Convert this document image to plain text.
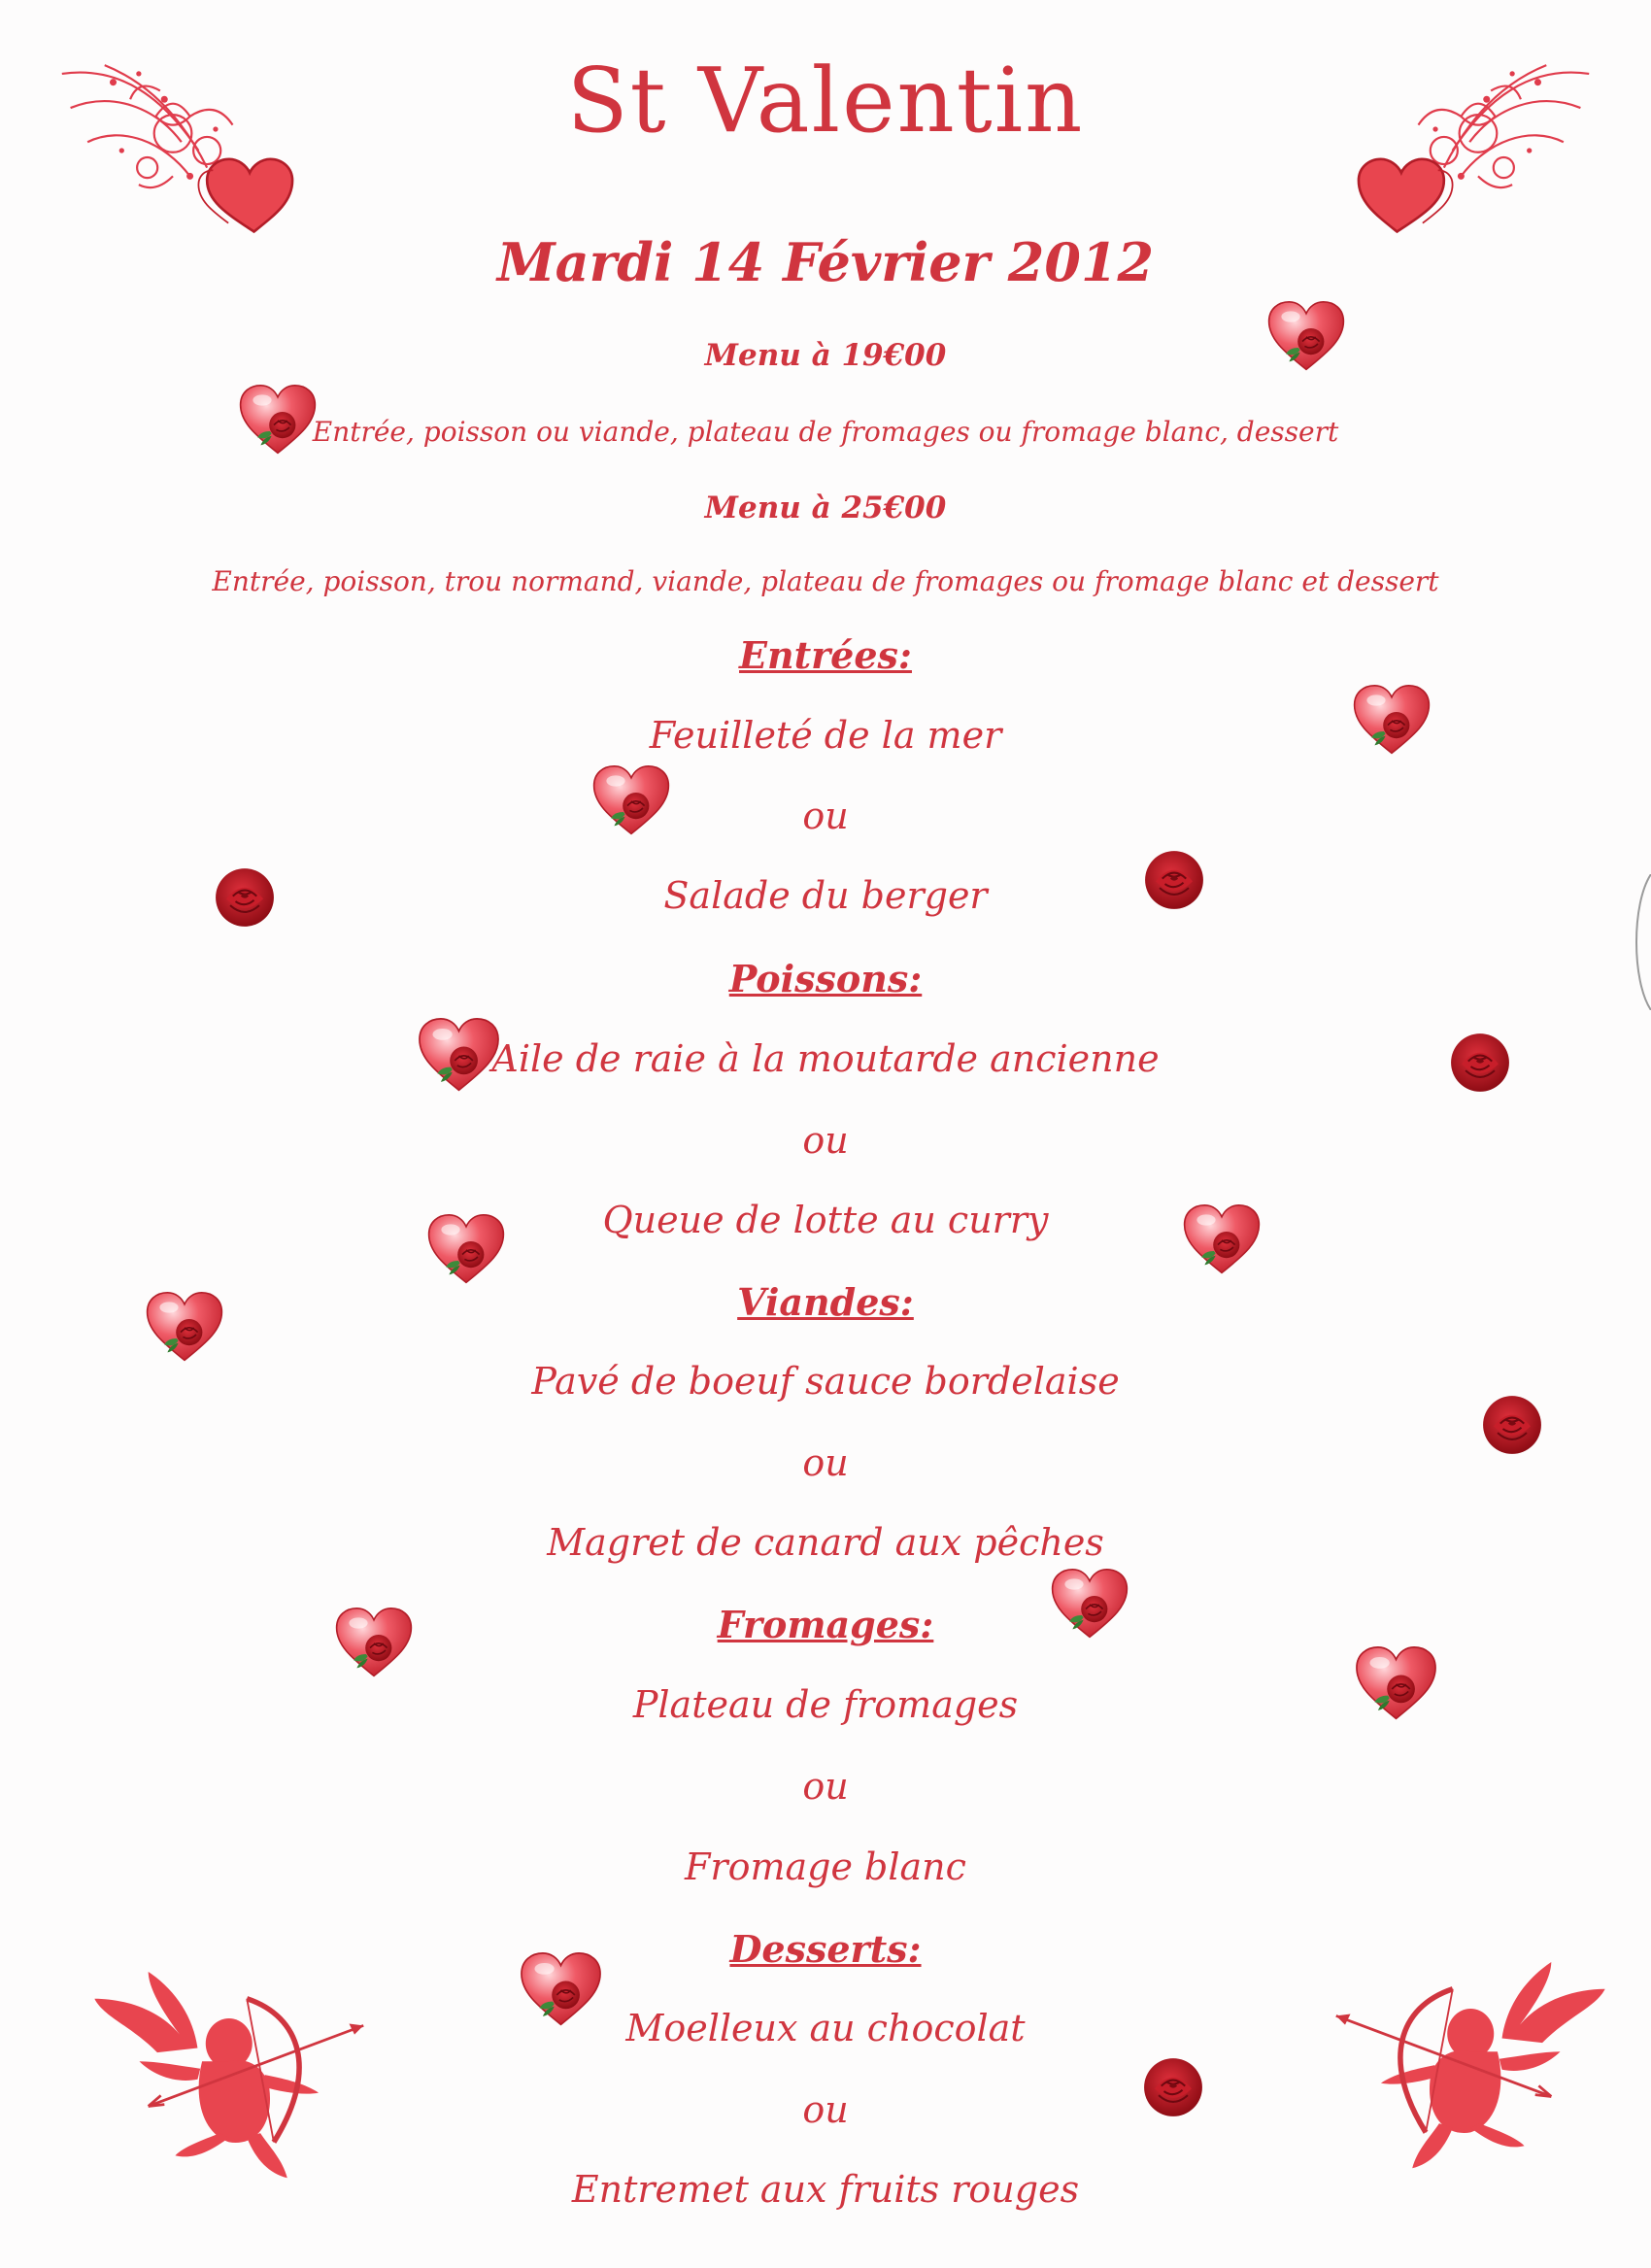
St Valentin
Mardi 14 Février 2012
Menu à 19€00
Entrée, poisson ou viande, plateau de fromages ou fromage blanc, dessert
Menu à 25€00
Entrée, poisson, trou normand, viande, plateau de fromages ou fromage blanc et dessert
Entrées:
Feuilleté de la mer
ou
Salade du berger
Poissons:
Aile de raie à la moutarde ancienne
ou
Queue de lotte au curry
Viandes:
Pavé de boeuf sauce bordelaise
ou
Magret de canard aux pêches
Fromages:
Plateau de fromages
ou
Fromage blanc
Desserts:
Moelleux au chocolat
ou
Entremet aux fruits rouges
